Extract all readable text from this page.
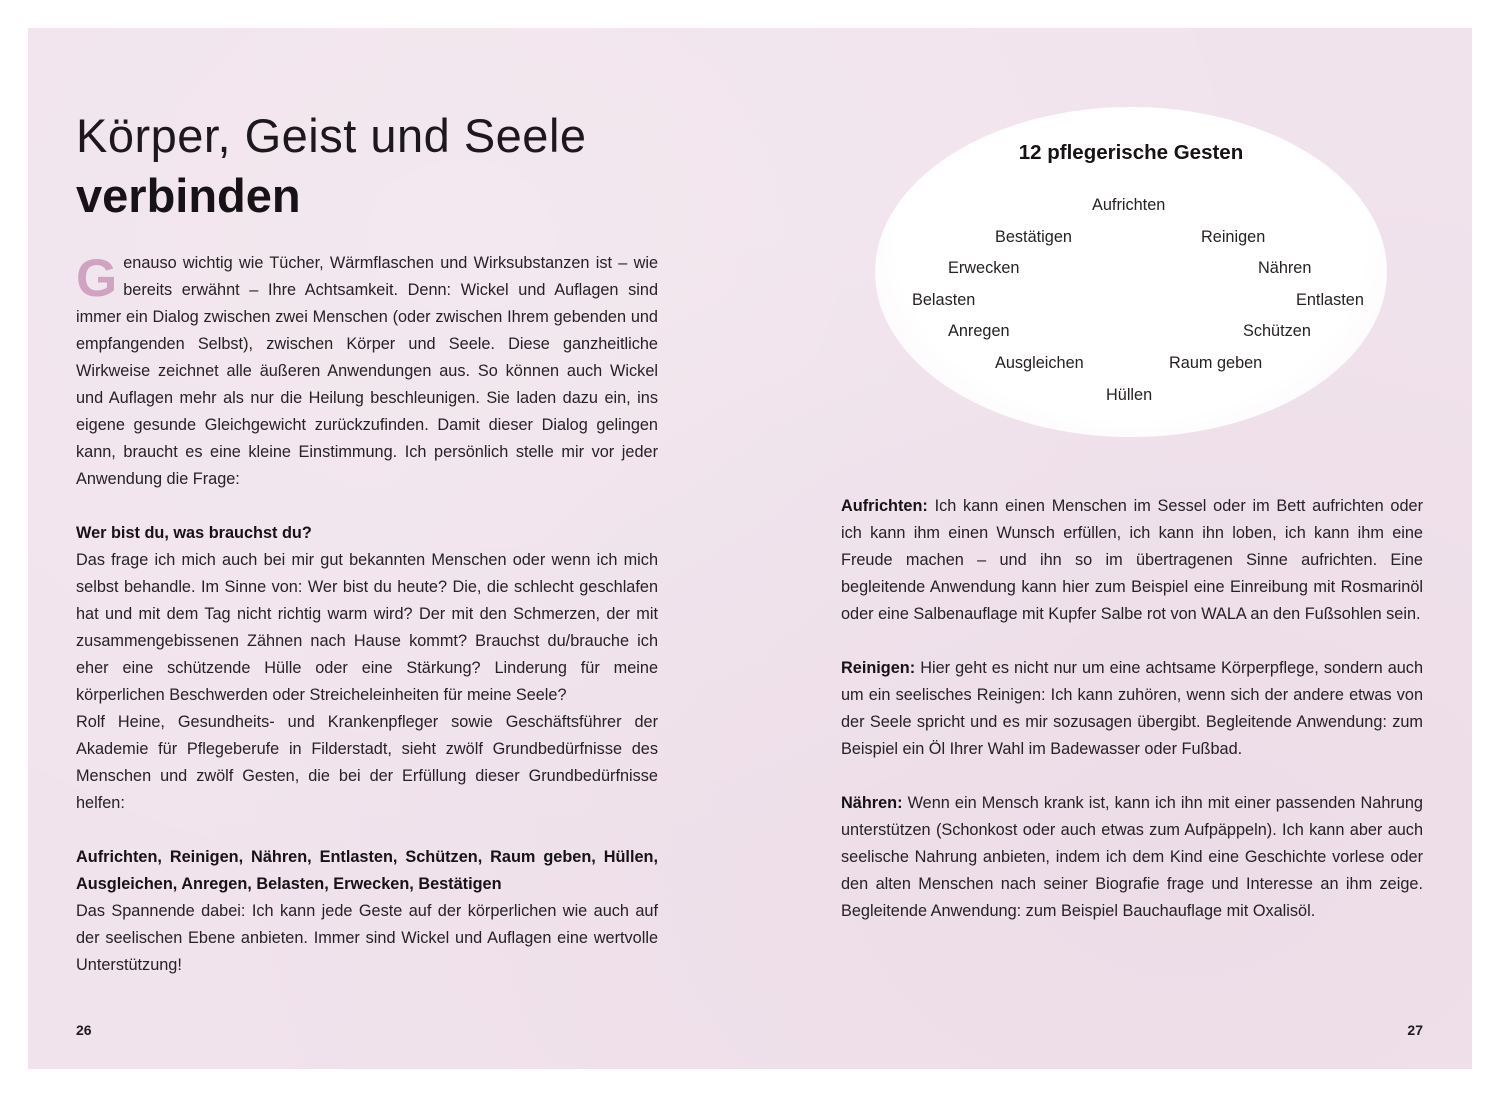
Körper, Geist und Seele
verbinden

Genauso wichtig wie Tücher, Wärmflaschen und Wirksubstanzen ist – wie bereits erwähnt – Ihre Achtsamkeit. Denn: Wickel und Auflagen sind immer ein Dialog zwischen zwei Menschen (oder zwischen Ihrem gebenden und empfangenden Selbst), zwischen Körper und Seele. Diese ganzheitliche Wirkweise zeichnet alle äußeren Anwendungen aus. So können auch Wickel und Auflagen mehr als nur die Heilung beschleunigen. Sie laden dazu ein, ins eigene gesunde Gleichgewicht zurückzufinden. Damit dieser Dialog gelingen kann, braucht es eine kleine Einstimmung. Ich persönlich stelle mir vor jeder Anwendung die Frage:

Wer bist du, was brauchst du?

Das frage ich mich auch bei mir gut bekannten Menschen oder wenn ich mich selbst behandle. Im Sinne von: Wer bist du heute? Die, die schlecht geschlafen hat und mit dem Tag nicht richtig warm wird? Der mit den Schmerzen, der mit zusammengebissenen Zähnen nach Hause kommt? Brauchst du/brauche ich eher eine schützende Hülle oder eine Stärkung? Linderung für meine körperlichen Beschwerden oder Streicheleinheiten für meine Seele?

Rolf Heine, Gesundheits- und Krankenpfleger sowie Geschäftsführer der Akademie für Pflegeberufe in Filderstadt, sieht zwölf Grundbedürfnisse des Menschen und zwölf Gesten, die bei der Erfüllung dieser Grundbedürfnisse helfen:

Aufrichten, Reinigen, Nähren, Entlasten, Schützen, Raum geben, Hüllen, Ausgleichen, Anregen, Belasten, Erwecken, Bestätigen

Das Spannende dabei: Ich kann jede Geste auf der körperlichen wie auch auf der seelischen Ebene anbieten. Immer sind Wickel und Auflagen eine wertvolle Unterstützung!

12 pflegerische Gesten
Aufrichten
Reinigen
Nähren
Entlasten
Schützen
Raum geben
Hüllen
Ausgleichen
Anregen
Belasten
Erwecken
Bestätigen

Aufrichten: Ich kann einen Menschen im Sessel oder im Bett aufrichten oder ich kann ihm einen Wunsch erfüllen, ich kann ihn loben, ich kann ihm eine Freude machen – und ihn so im übertragenen Sinne aufrichten. Eine begleitende Anwendung kann hier zum Beispiel eine Einreibung mit Rosmarinöl oder eine Salbenauflage mit Kupfer Salbe rot von WALA an den Fußsohlen sein.

Reinigen: Hier geht es nicht nur um eine achtsame Körperpflege, sondern auch um ein seelisches Reinigen: Ich kann zuhören, wenn sich der andere etwas von der Seele spricht und es mir sozusagen übergibt. Begleitende Anwendung: zum Beispiel ein Öl Ihrer Wahl im Badewasser oder Fußbad.

Nähren: Wenn ein Mensch krank ist, kann ich ihn mit einer passenden Nahrung unterstützen (Schonkost oder auch etwas zum Aufpäppeln). Ich kann aber auch seelische Nahrung anbieten, indem ich dem Kind eine Geschichte vorlese oder den alten Menschen nach seiner Biografie frage und Interesse an ihm zeige. Begleitende Anwendung: zum Beispiel Bauchauflage mit Oxalisöl.

26	27
